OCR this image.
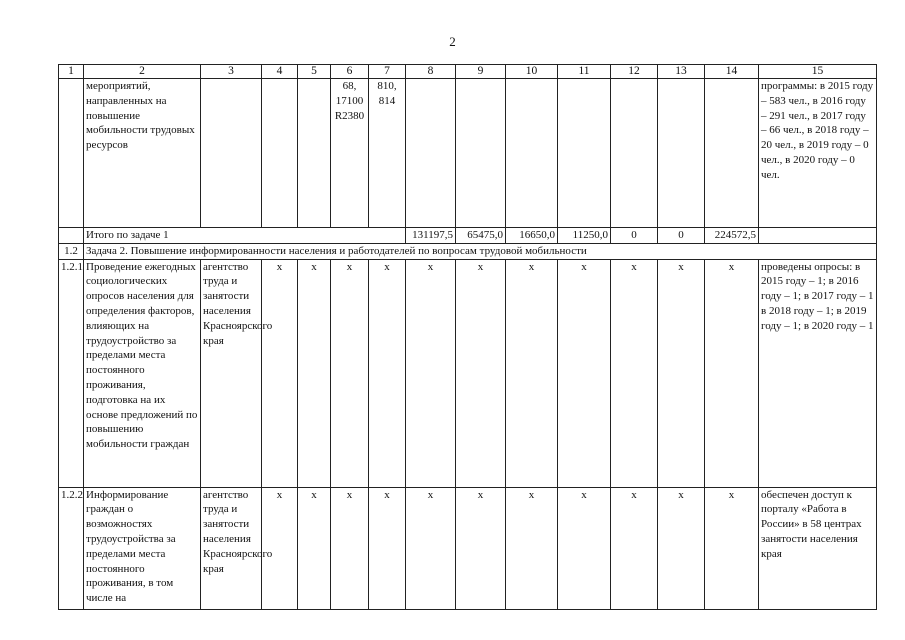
2
1	2	3	4	5	6	7	8	9	10	11	12	13	14	15
	мероприятий, направленных на повышение мобильности трудовых ресурсов				68, 17100 R2380	810, 814								программы: в 2015 году – 583 чел., в 2016 году – 291 чел., в 2017 году – 66 чел., в 2018 году – 20 чел., в 2019 году – 0 чел., в 2020 году – 0 чел.
	Итого по задаче 1						131197,5	65475,0	16650,0	11250,0	0	0	224572,5	
1.2	Задача 2. Повышение информированности населения и работодателей по вопросам трудовой мобильности													
1.2.1	Проведение ежегодных социологических опросов населения для определения факторов, влияющих на трудоустройство за пределами места постоянного проживания, подготовка на их основе предложений по повышению мобильности граждан	агентство труда и занятости населения Красноярского края	x	x	x	x	x	x	x	x	x	x	x	проведены опросы: в 2015 году – 1; в 2016 году – 1; в 2017 году – 1 в 2018 году – 1; в 2019 году – 1; в 2020 году – 1
1.2.2	Информирование граждан о возможностях трудоустройства за пределами места постоянного проживания, в том числе на	агентство труда и занятости населения Красноярского края	x	x	x	x	x	x	x	x	x	x	x	обеспечен доступ к порталу «Работа в России» в 58 центрах занятости населения края
